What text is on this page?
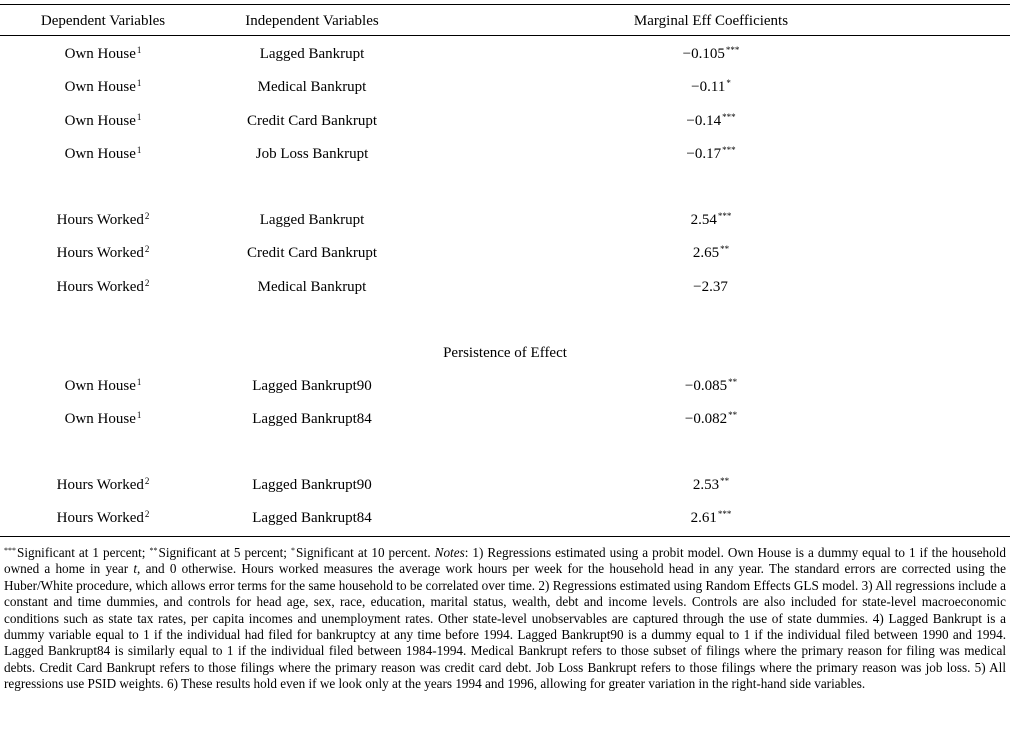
Dependent Variables	Independent Variables	Marginal Eff Coefficients
Own House$^1$	Lagged Bankrupt	−0.105***
Own House$^1$	Medical Bankrupt	−0.11*
Own House$^1$	Credit Card Bankrupt	−0.14***
Own House$^1$	Job Loss Bankrupt	−0.17***
Hours Worked$^2$	Lagged Bankrupt	2.54***
Hours Worked$^2$	Credit Card Bankrupt	2.65**
Hours Worked$^2$	Medical Bankrupt	−2.37
Persistence of Effect
Own House$^1$	Lagged Bankrupt90	−0.085**
Own House$^1$	Lagged Bankrupt84	−0.082**
Hours Worked$^2$	Lagged Bankrupt90	2.53**
Hours Worked$^2$	Lagged Bankrupt84	2.61***
***Significant at 1 percent; **Significant at 5 percent; *Significant at 10 percent. Notes: 1) Regressions estimated using a probit model. Own House is a dummy equal to 1 if the household owned a home in year t, and 0 otherwise. Hours worked measures the average work hours per week for the household head in any year. The standard errors are corrected using the Huber/White procedure, which allows error terms for the same household to be correlated over time. 2) Regressions estimated using Random Effects GLS model. 3) All regressions include a constant and time dummies, and controls for head age, sex, race, education, marital status, wealth, debt and income levels. Controls are also included for state-level macroeconomic conditions such as state tax rates, per capita incomes and unemployment rates. Other state-level unobservables are captured through the use of state dummies. 4) Lagged Bankrupt is a dummy variable equal to 1 if the individual had filed for bankruptcy at any time before 1994. Lagged Bankrupt90 is a dummy equal to 1 if the individual filed between 1990 and 1994. Lagged Bankrupt84 is similarly equal to 1 if the individual filed between 1984-1994. Medical Bankrupt refers to those subset of filings where the primary reason for filing was medical debts. Credit Card Bankrupt refers to those filings where the primary reason was credit card debt. Job Loss Bankrupt refers to those filings where the primary reason was job loss. 5) All regressions use PSID weights. 6) These results hold even if we look only at the years 1994 and 1996, allowing for greater variation in the right-hand side variables.
